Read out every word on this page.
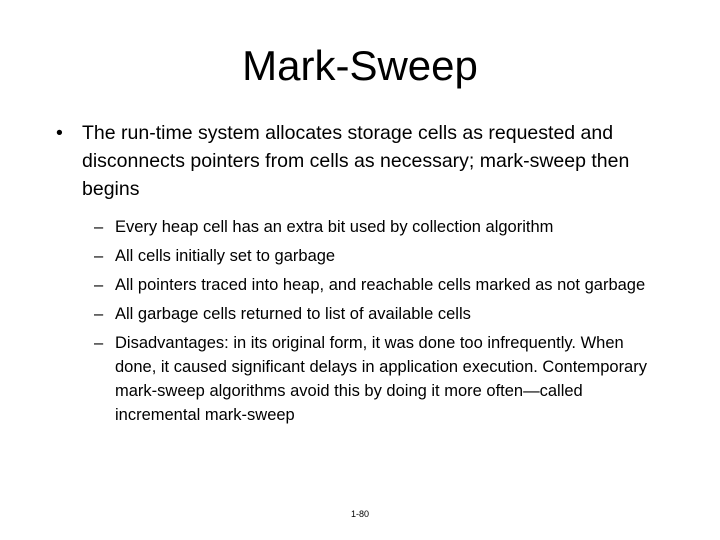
Mark-Sweep
• The run-time system allocates storage cells as requested and disconnects pointers from cells as necessary; mark-sweep then begins
– Every heap cell has an extra bit used by collection algorithm
– All cells initially set to garbage
– All pointers traced into heap, and reachable cells marked as not garbage
– All garbage cells returned to list of available cells
– Disadvantages: in its original form, it was done too infrequently. When done, it caused significant delays in application execution. Contemporary mark-sweep algorithms avoid this by doing it more often—called incremental mark-sweep
1-80
